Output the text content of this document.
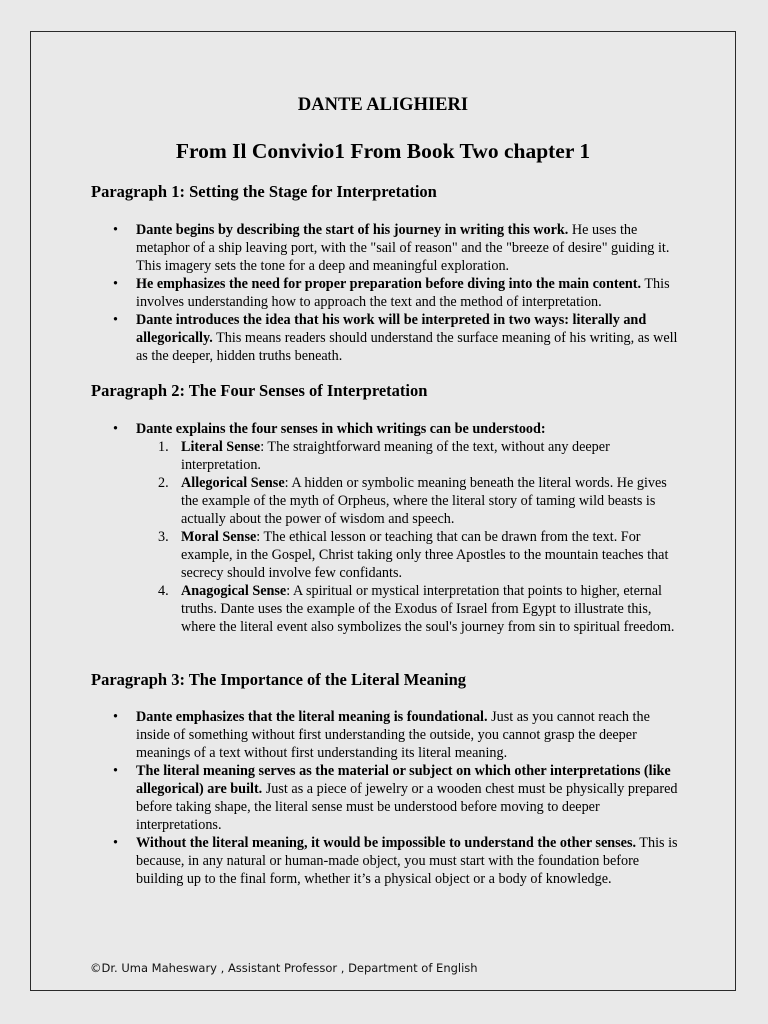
DANTE ALIGHIERI
From Il Convivio1 From Book Two chapter 1
Paragraph 1: Setting the Stage for Interpretation
• Dante begins by describing the start of his journey in writing this work. He uses the metaphor of a ship leaving port, with the "sail of reason" and the "breeze of desire" guiding it. This imagery sets the tone for a deep and meaningful exploration.
• He emphasizes the need for proper preparation before diving into the main content. This involves understanding how to approach the text and the method of interpretation.
• Dante introduces the idea that his work will be interpreted in two ways: literally and allegorically. This means readers should understand the surface meaning of his writing, as well as the deeper, hidden truths beneath.
Paragraph 2: The Four Senses of Interpretation
• Dante explains the four senses in which writings can be understood:
1. Literal Sense: The straightforward meaning of the text, without any deeper interpretation.
2. Allegorical Sense: A hidden or symbolic meaning beneath the literal words. He gives the example of the myth of Orpheus, where the literal story of taming wild beasts is actually about the power of wisdom and speech.
3. Moral Sense: The ethical lesson or teaching that can be drawn from the text. For example, in the Gospel, Christ taking only three Apostles to the mountain teaches that secrecy should involve few confidants.
4. Anagogical Sense: A spiritual or mystical interpretation that points to higher, eternal truths. Dante uses the example of the Exodus of Israel from Egypt to illustrate this, where the literal event also symbolizes the soul's journey from sin to spiritual freedom.
Paragraph 3: The Importance of the Literal Meaning
• Dante emphasizes that the literal meaning is foundational. Just as you cannot reach the inside of something without first understanding the outside, you cannot grasp the deeper meanings of a text without first understanding its literal meaning.
• The literal meaning serves as the material or subject on which other interpretations (like allegorical) are built. Just as a piece of jewelry or a wooden chest must be physically prepared before taking shape, the literal sense must be understood before moving to deeper interpretations.
• Without the literal meaning, it would be impossible to understand the other senses. This is because, in any natural or human-made object, you must start with the foundation before building up to the final form, whether it’s a physical object or a body of knowledge.
©Dr. Uma Maheswary , Assistant Professor , Department of English
